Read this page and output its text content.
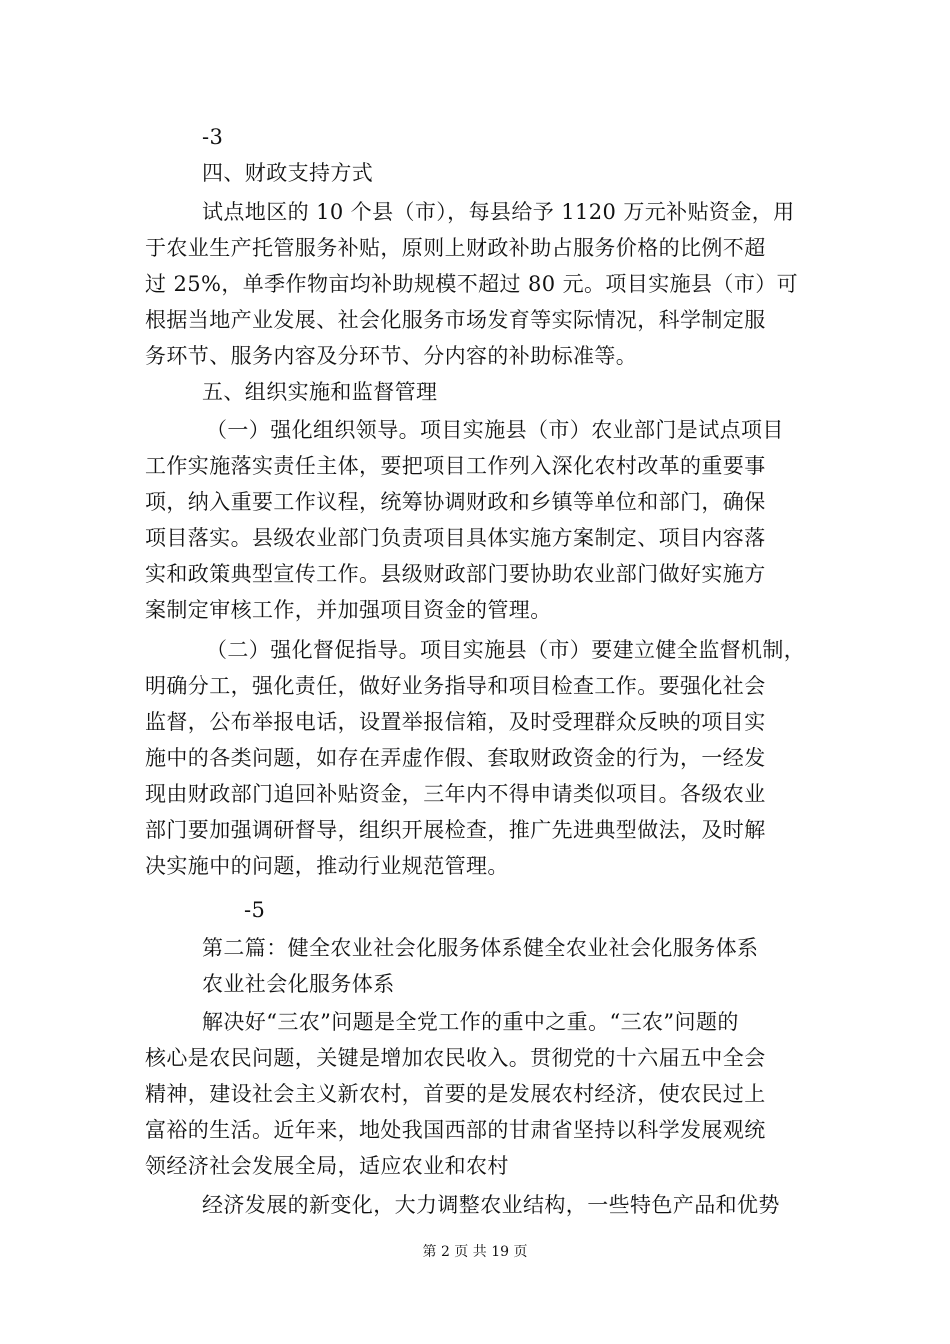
-3

四、财政支持方式

试点地区的 10 个县（市），每县给予 1120 万元补贴资金，用

于农业生产托管服务补贴，原则上财政补助占服务价格的比例不超

过 25%，单季作物亩均补助规模不超过 80 元。项目实施县（市）可

根据当地产业发展、社会化服务市场发育等实际情况，科学制定服

务环节、服务内容及分环节、分内容的补助标准等。

五、组织实施和监督管理

（一）强化组织领导。项目实施县（市）农业部门是试点项目

工作实施落实责任主体，要把项目工作列入深化农村改革的重要事

项，纳入重要工作议程，统筹协调财政和乡镇等单位和部门，确保

项目落实。县级农业部门负责项目具体实施方案制定、项目内容落

实和政策典型宣传工作。县级财政部门要协助农业部门做好实施方

案制定审核工作，并加强项目资金的管理。

（二）强化督促指导。项目实施县（市）要建立健全监督机制，

明确分工，强化责任，做好业务指导和项目检查工作。要强化社会

监督，公布举报电话，设置举报信箱，及时受理群众反映的项目实

施中的各类问题，如存在弄虚作假、套取财政资金的行为，一经发

现由财政部门追回补贴资金，三年内不得申请类似项目。各级农业

部门要加强调研督导，组织开展检查，推广先进典型做法，及时解

决实施中的问题，推动行业规范管理。

-5

第二篇：健全农业社会化服务体系健全农业社会化服务体系

农业社会化服务体系

解决好“三农”问题是全党工作的重中之重。“三农”问题的

核心是农民问题，关键是增加农民收入。贯彻党的十六届五中全会

精神，建设社会主义新农村，首要的是发展农村经济，使农民过上

富裕的生活。近年来，地处我国西部的甘肃省坚持以科学发展观统

领经济社会发展全局，适应农业和农村

经济发展的新变化，大力调整农业结构，一些特色产品和优势

第 2 页 共 19 页
